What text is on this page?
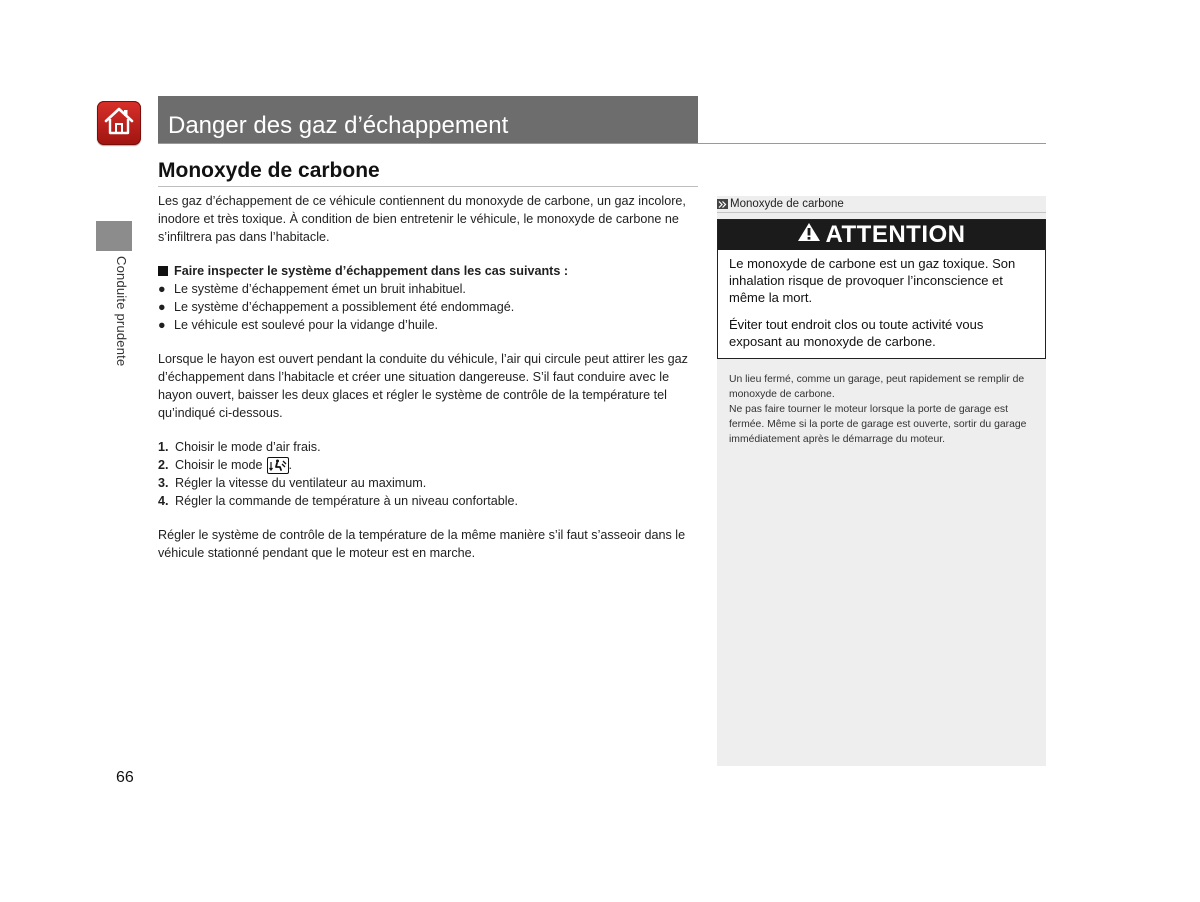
Danger des gaz d’échappement
Conduite prudente
Monoxyde de carbone

Les gaz d’échappement de ce véhicule contiennent du monoxyde de carbone, un gaz incolore, inodore et très toxique. À condition de bien entretenir le véhicule, le monoxyde de carbone ne s’infiltrera pas dans l’habitacle.

Faire inspecter le système d’échappement dans les cas suivants :
● Le système d’échappement émet un bruit inhabituel.
● Le système d’échappement a possiblement été endommagé.
● Le véhicule est soulevé pour la vidange d’huile.

Lorsque le hayon est ouvert pendant la conduite du véhicule, l’air qui circule peut attirer les gaz d’échappement dans l’habitacle et créer une situation dangereuse. S’il faut conduire avec le hayon ouvert, baisser les deux glaces et régler le système de contrôle de la température tel qu’indiqué ci-dessous.

1. Choisir le mode d’air frais.
2. Choisir le mode .
3. Régler la vitesse du ventilateur au maximum.
4. Régler la commande de température à un niveau confortable.

Régler le système de contrôle de la température de la même manière s’il faut s’asseoir dans le véhicule stationné pendant que le moteur est en marche.

Monoxyde de carbone
ATTENTION

Le monoxyde de carbone est un gaz toxique. Son inhalation risque de provoquer l’inconscience et même la mort.

Éviter tout endroit clos ou toute activité vous exposant au monoxyde de carbone.

Un lieu fermé, comme un garage, peut rapidement se remplir de monoxyde de carbone.

Ne pas faire tourner le moteur lorsque la porte de garage est fermée. Même si la porte de garage est ouverte, sortir du garage immédiatement après le démarrage du moteur.

66
